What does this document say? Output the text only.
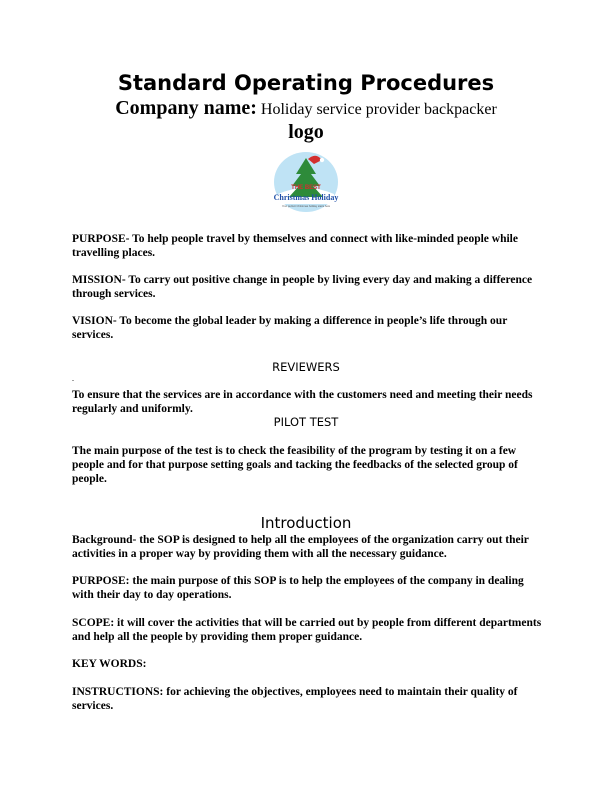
Standard Operating Procedures
Company name: Holiday service provider backpacker
logo
THE BEST
Christmas Holiday
Your perfect Christmas holiday starts here
PURPOSE- To help people travel by themselves and connect with like-minded people while travelling places.
MISSION- To carry out positive change in people by living every day and making a difference through services.
VISION- To become the global leader by making a difference in people’s life through our services.
REVIEWERS
.
To ensure that the services are in accordance with the customers need and meeting their needs regularly and uniformly.
PILOT TEST
The main purpose of the test is to check the feasibility of the program by testing it on a few people and for that purpose setting goals and tacking the feedbacks of the selected group of people.
Introduction
Background- the SOP is designed to help all the employees of the organization carry out their activities in a proper way by providing them with all the necessary guidance.
PURPOSE: the main purpose of this SOP is to help the employees of the company in dealing with their day to day operations.
SCOPE: it will cover the activities that will be carried out by people from different departments and help all the people by providing them proper guidance.
KEY WORDS:
INSTRUCTIONS: for achieving the objectives, employees need to maintain their quality of services.
